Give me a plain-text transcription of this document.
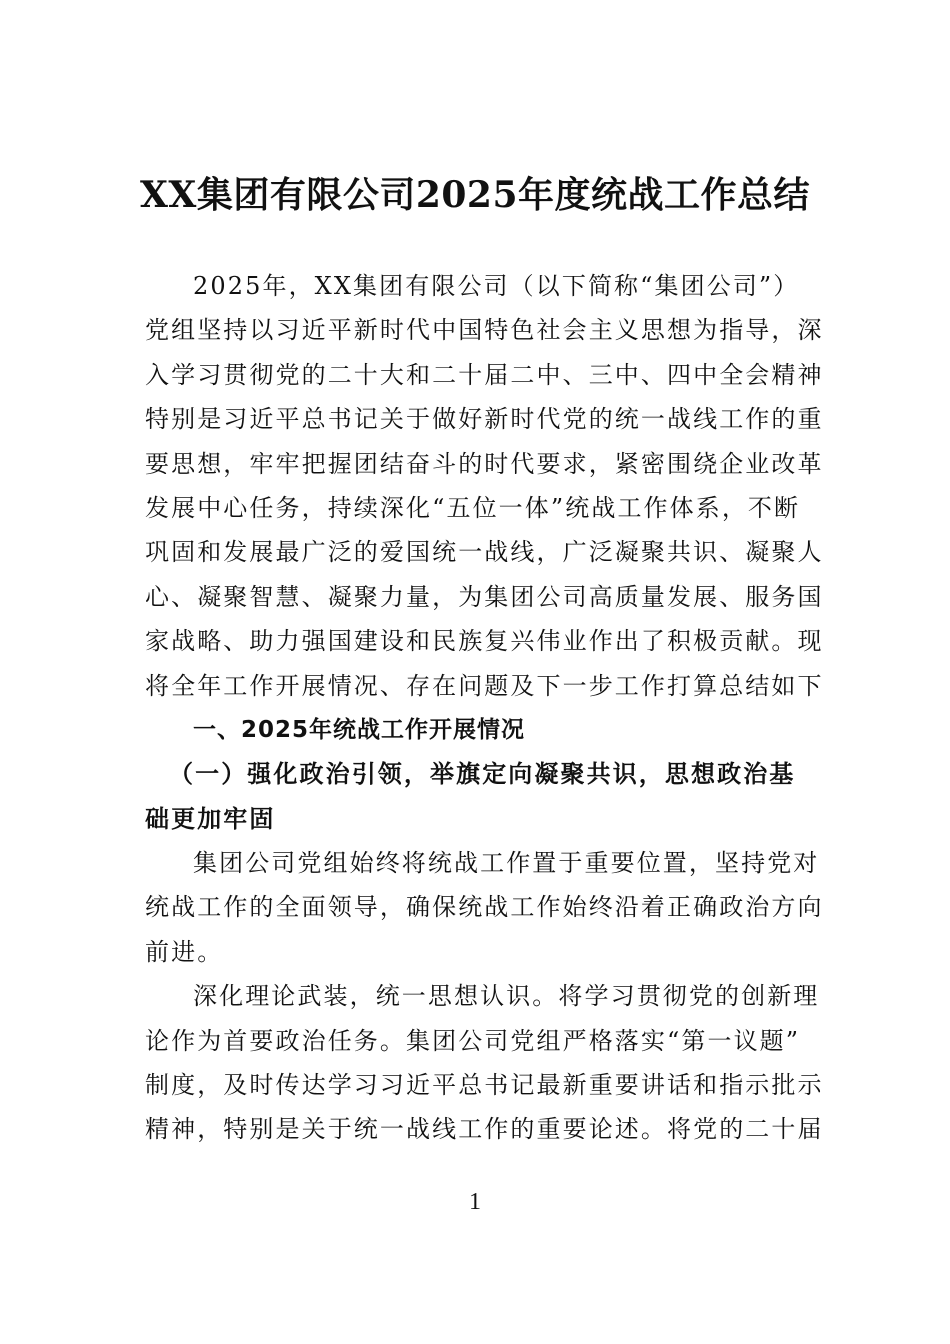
XX集团有限公司2025年度统战工作总结
2025年，XX集团有限公司（以下简称“集团公司”）
党组坚持以习近平新时代中国特色社会主义思想为指导，深
入学习贯彻党的二十大和二十届二中、三中、四中全会精神
特别是习近平总书记关于做好新时代党的统一战线工作的重
要思想，牢牢把握团结奋斗的时代要求，紧密围绕企业改革
发展中心任务，持续深化“五位一体”统战工作体系，不断
巩固和发展最广泛的爱国统一战线，广泛凝聚共识、凝聚人
心、凝聚智慧、凝聚力量，为集团公司高质量发展、服务国
家战略、助力强国建设和民族复兴伟业作出了积极贡献。现
将全年工作开展情况、存在问题及下一步工作打算总结如下
一、2025年统战工作开展情况
（一）强化政治引领，举旗定向凝聚共识，思想政治基
础更加牢固
集团公司党组始终将统战工作置于重要位置，坚持党对
统战工作的全面领导，确保统战工作始终沿着正确政治方向
前进。
深化理论武装，统一思想认识。将学习贯彻党的创新理
论作为首要政治任务。集团公司党组严格落实“第一议题”
制度，及时传达学习习近平总书记最新重要讲话和指示批示
精神，特别是关于统一战线工作的重要论述。将党的二十届
1
